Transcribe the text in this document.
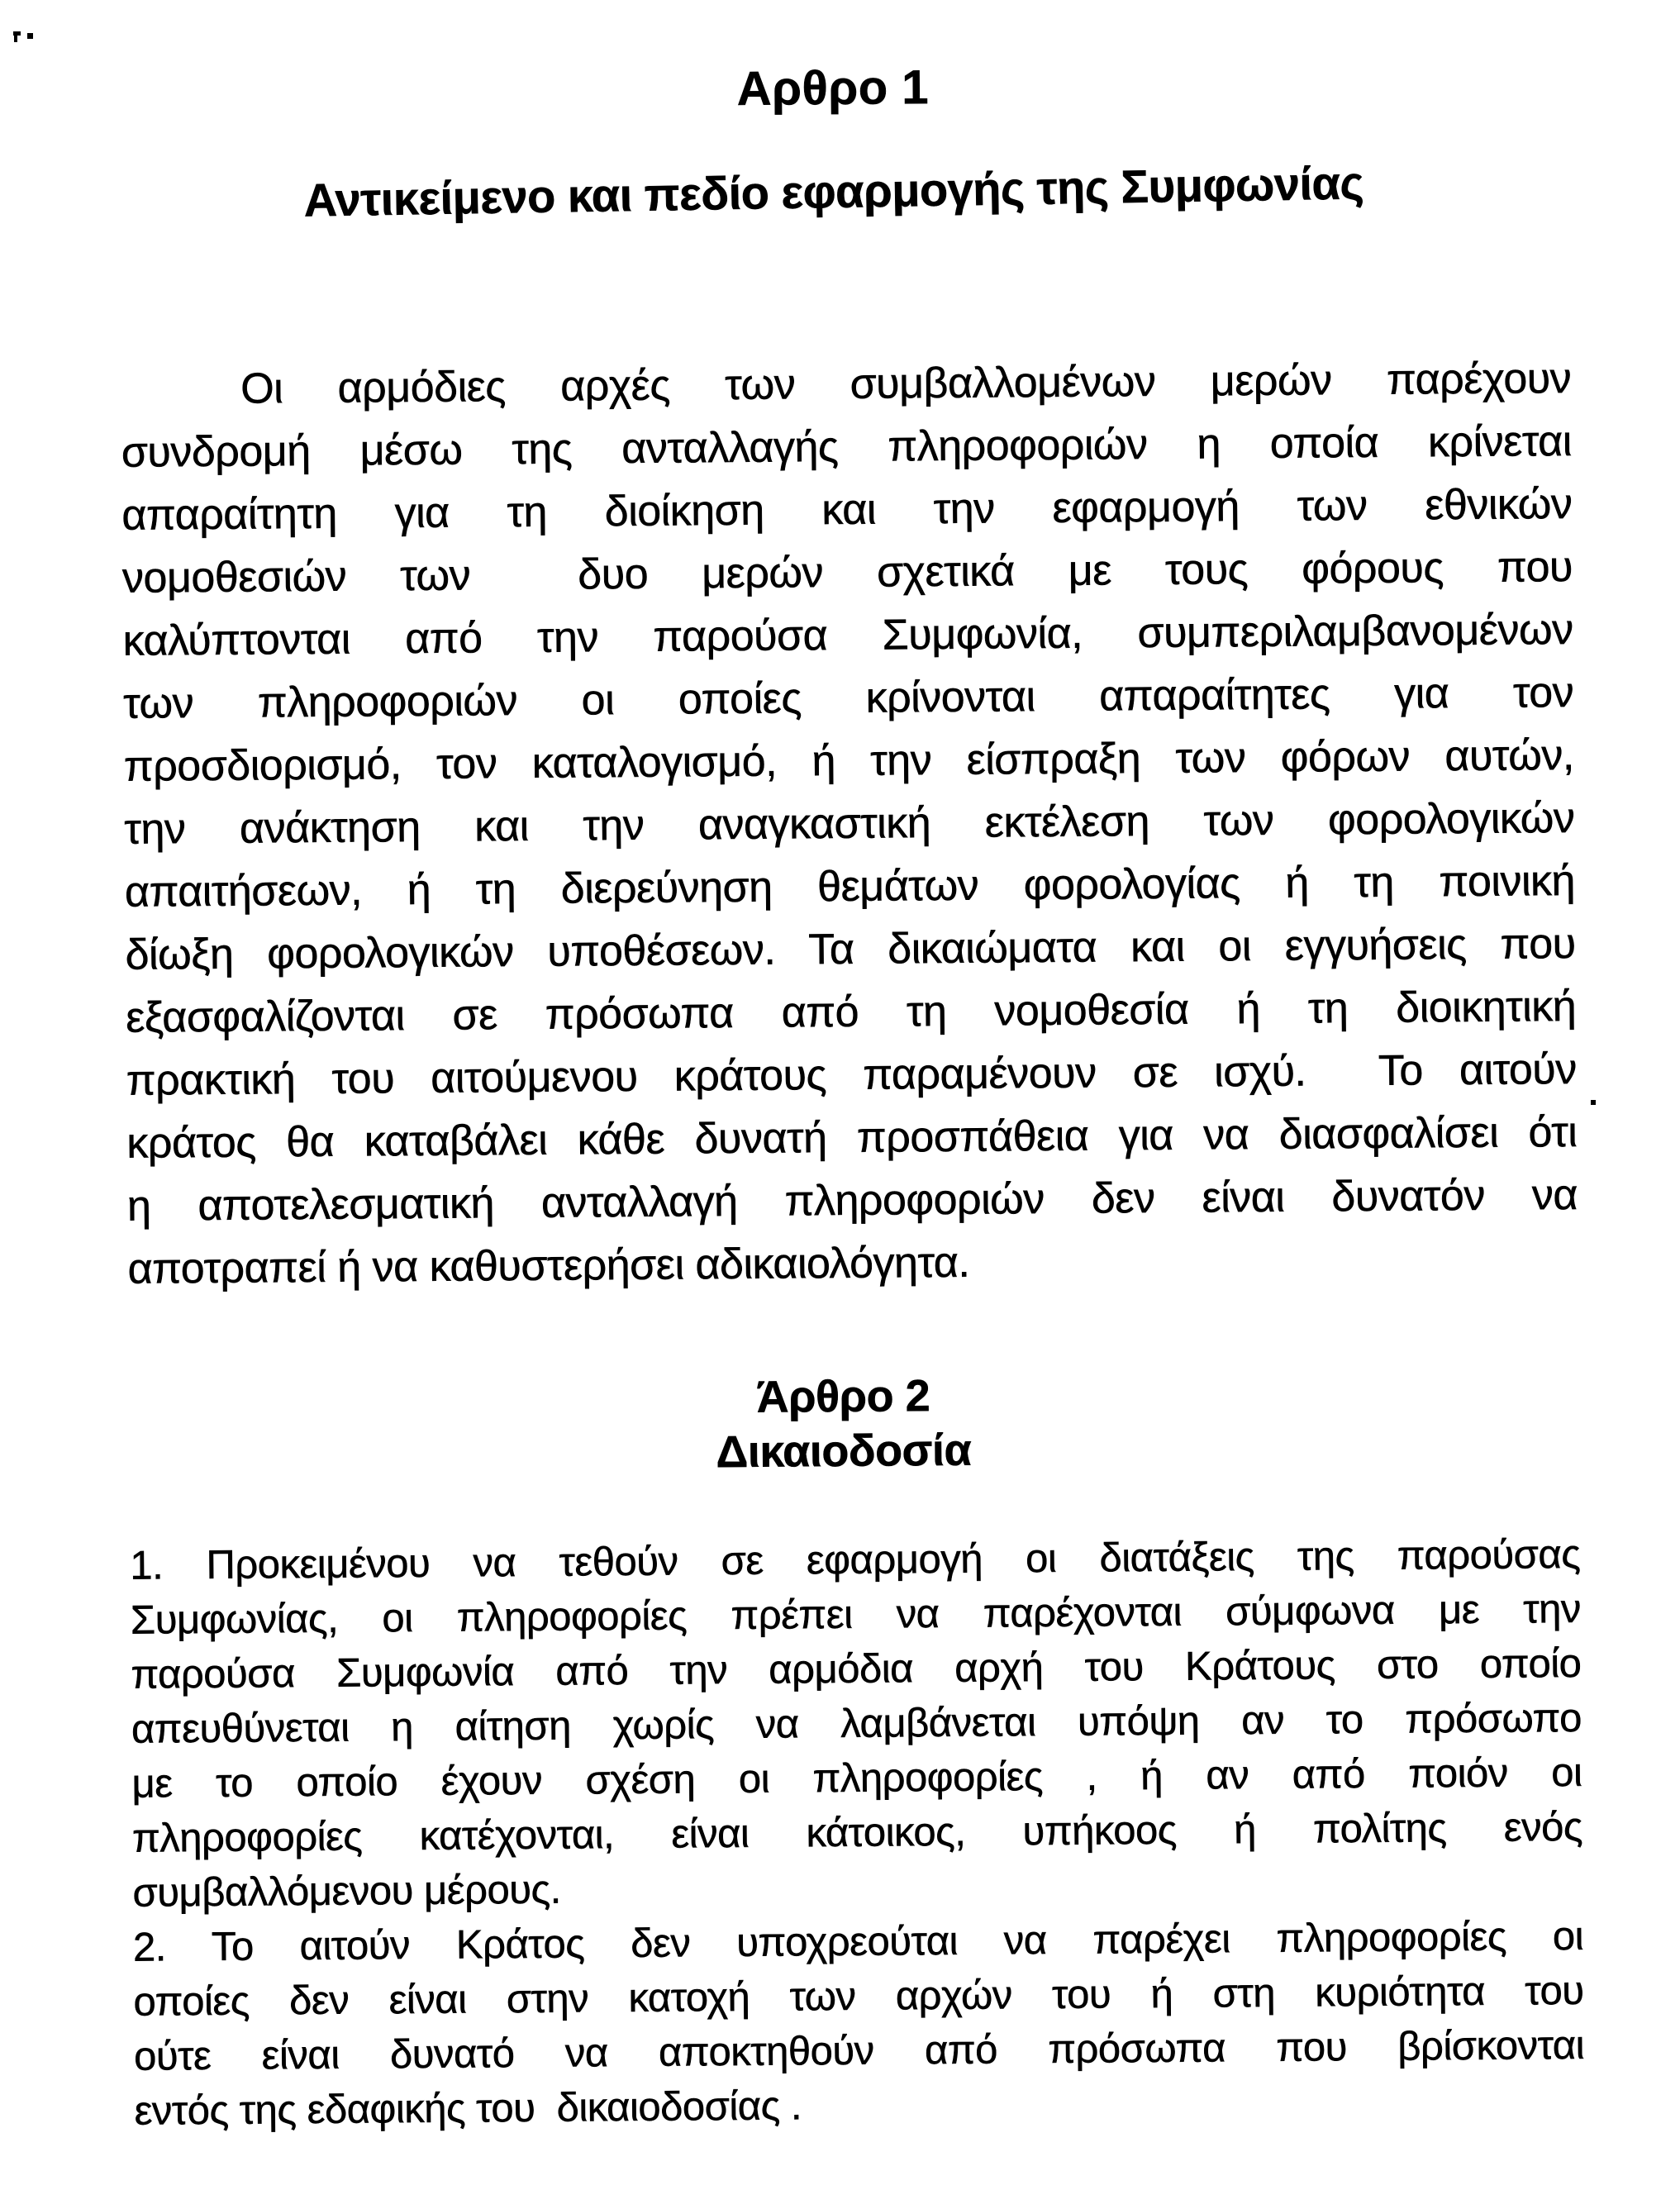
Αρθρο 1
Αντικείμενο και πεδίο εφαρμογής της Συμφωνίας
Οι αρμόδιες αρχές των συμβαλλομένων μερών παρέχουν
συνδρομή μέσω της ανταλλαγής πληροφοριών η οποία κρίνεται
απαραίτητη για τη διοίκηση και την εφαρμογή των εθνικών
νομοθεσιών των  δυο μερών σχετικά με τους φόρους που
καλύπτονται από την παρούσα Συμφωνία, συμπεριλαμβανομένων
των πληροφοριών οι οποίες κρίνονται απαραίτητες για τον
προσδιορισμό, τον καταλογισμό, ή την είσπραξη των φόρων αυτών,
την ανάκτηση και την αναγκαστική εκτέλεση των φορολογικών
απαιτήσεων, ή τη διερεύνηση θεμάτων φορολογίας ή τη ποινική
δίωξη φορολογικών υποθέσεων. Τα δικαιώματα και οι εγγυήσεις που
εξασφαλίζονται σε πρόσωπα από τη νομοθεσία ή τη διοικητική
πρακτική του αιτούμενου κράτους παραμένουν σε ισχύ.  Το αιτούν
κράτος θα καταβάλει κάθε δυνατή προσπάθεια για να διασφαλίσει ότι
η αποτελεσματική ανταλλαγή πληροφοριών δεν είναι δυνατόν να
αποτραπεί ή να καθυστερήσει αδικαιολόγητα.
Άρθρο 2
Δικαιοδοσία
1. Προκειμένου να τεθούν σε εφαρμογή οι διατάξεις της παρούσας
Συμφωνίας, οι πληροφορίες πρέπει να παρέχονται σύμφωνα με την
παρούσα Συμφωνία από την αρμόδια αρχή του Κράτους στο οποίο
απευθύνεται η αίτηση χωρίς να λαμβάνεται υπόψη αν το πρόσωπο
με το οποίο έχουν σχέση οι πληροφορίες , ή αν από ποιόν οι
πληροφορίες κατέχονται, είναι κάτοικος, υπήκοος ή πολίτης ενός
συμβαλλόμενου μέρους.
2. Το αιτούν Κράτος δεν υποχρεούται να παρέχει πληροφορίες οι
οποίες δεν είναι στην κατοχή των αρχών του ή στη κυριότητα του
ούτε είναι δυνατό να αποκτηθούν από πρόσωπα που βρίσκονται
εντός της εδαφικής του  δικαιοδοσίας .
